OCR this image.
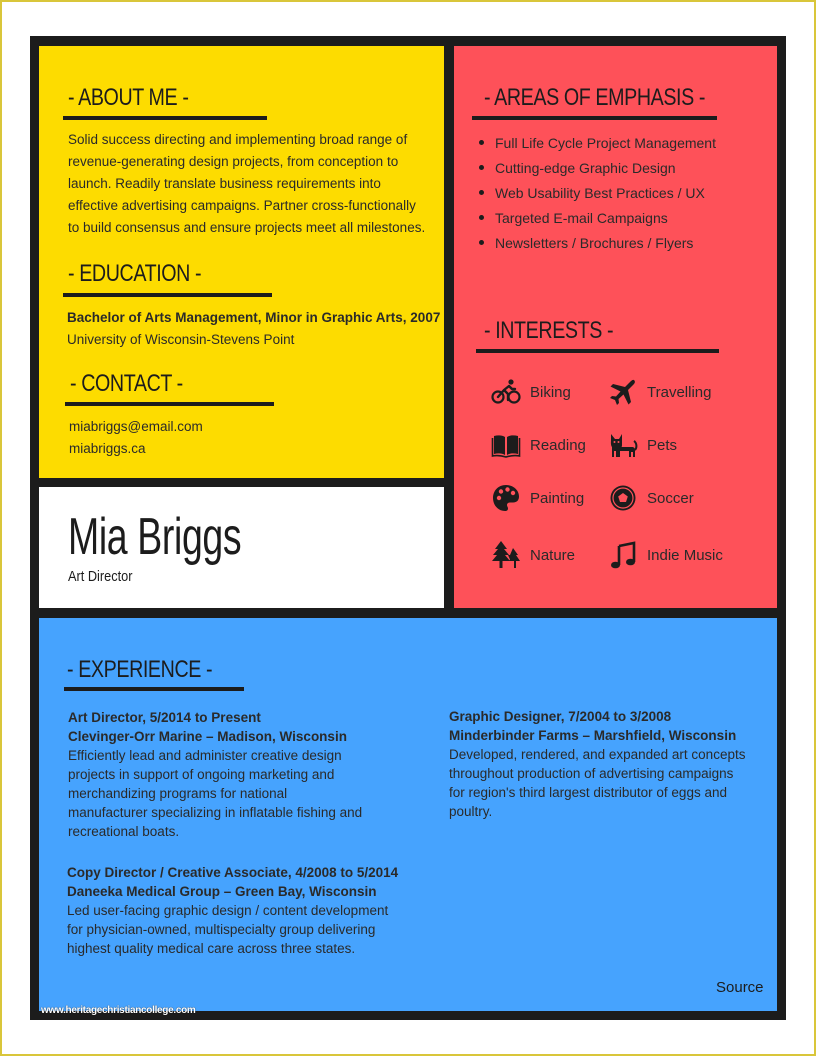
- ABOUT ME -

Solid success directing and implementing broad range of

revenue-generating design projects, from conception to

launch. Readily translate business requirements into

effective advertising campaigns. Partner cross-functionally

to build consensus and ensure projects meet all milestones.

- EDUCATION -
Bachelor of Arts Management, Minor in Graphic Arts, 2007
University of Wisconsin-Stevens Point
- CONTACT -
miabriggs@email.com
miabriggs.ca
Mia Briggs
Art Director
- AREAS OF EMPHASIS -
Full Life Cycle Project Management
Cutting-edge Graphic Design
Web Usability Best Practices / UX
Targeted E-mail Campaigns
Newsletters / Brochures / Flyers
- INTERESTS -
Biking	Travelling
Reading	Pets
Painting	Soccer
Nature	Indie Music
- EXPERIENCE -
Art Director, 5/2014 to Present
Clevinger-Orr Marine – Madison, Wisconsin
Efficiently lead and administer creative design
projects in support of ongoing marketing and
merchandizing programs for national
manufacturer specializing in inflatable fishing and
recreational boats.
Copy Director / Creative Associate, 4/2008 to 5/2014
Daneeka Medical Group – Green Bay, Wisconsin
Led user-facing graphic design / content development
for physician-owned, multispecialty group delivering
highest quality medical care across three states.
Graphic Designer, 7/2004 to 3/2008
Minderbinder Farms – Marshfield, Wisconsin
Developed, rendered, and expanded art concepts
throughout production of advertising campaigns
for region's third largest distributor of eggs and
poultry.
Source
www.heritagechristiancollege.com
